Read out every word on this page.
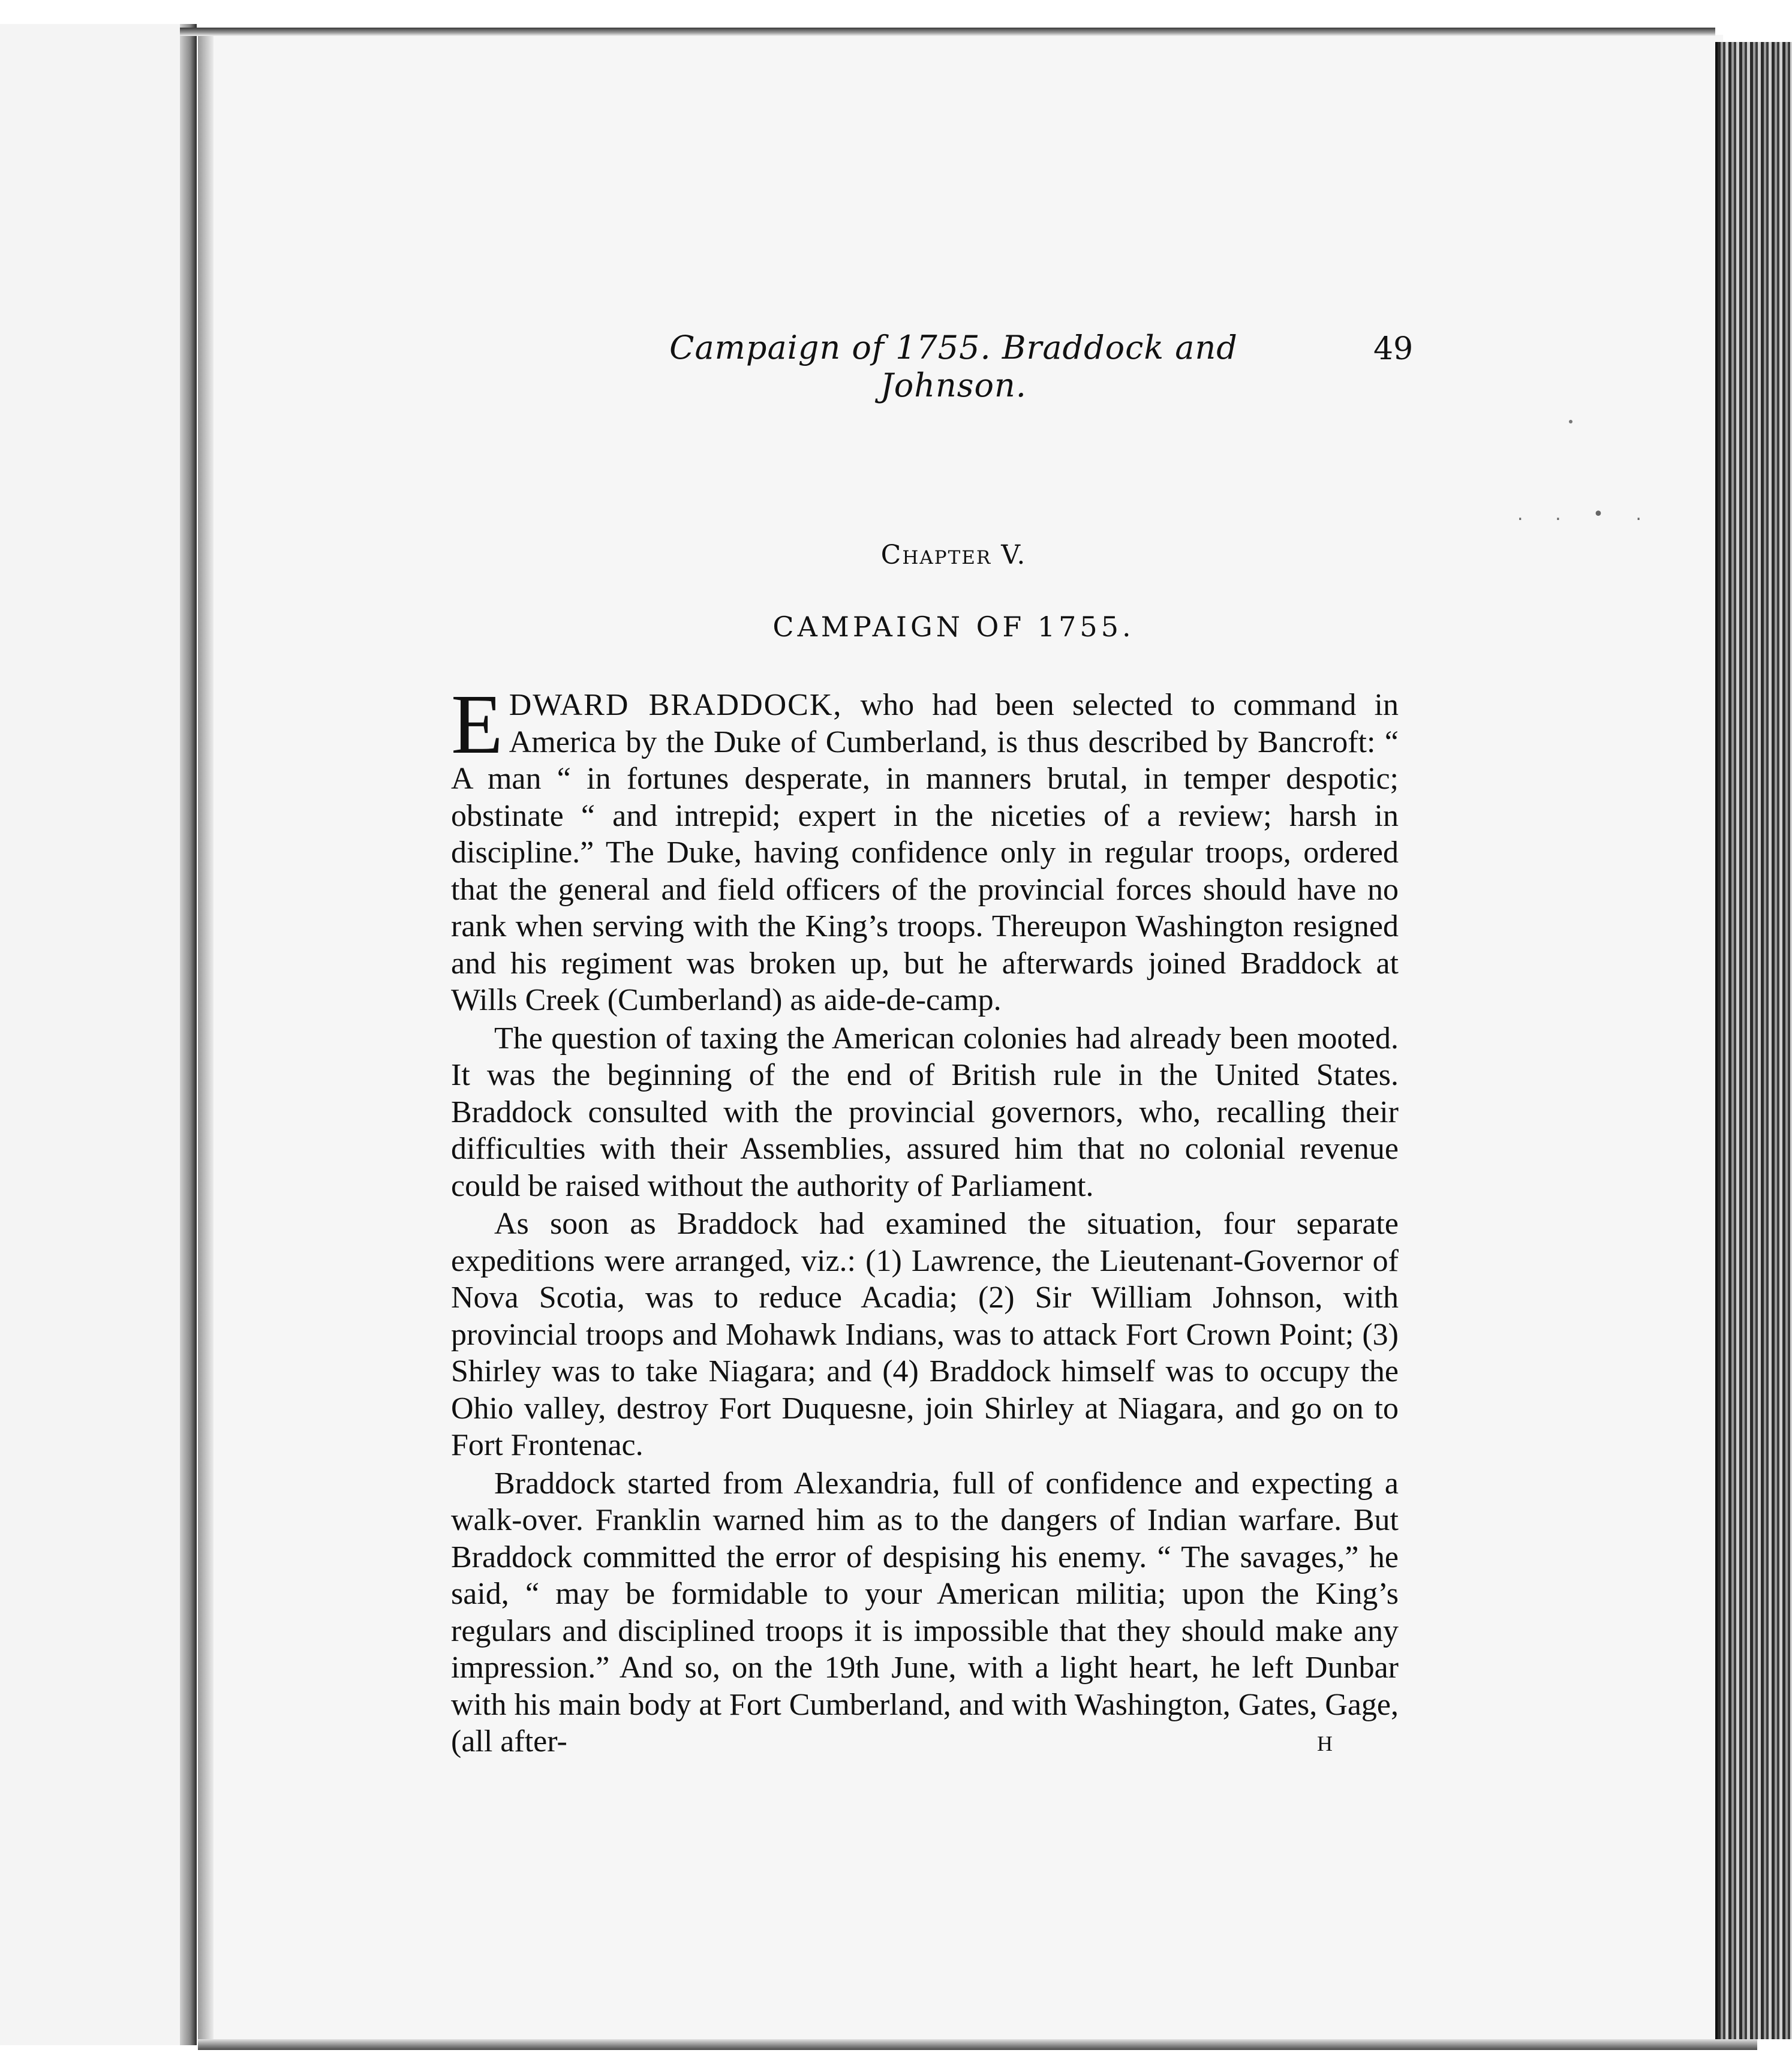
. . • .
Campaign of 1755. Braddock and Johnson.
49
Chapter V.
CAMPAIGN OF 1755.

EDWARD BRADDOCK, who had been selected to command in America by the Duke of Cumberland, is thus described by Bancroft: “ A man “ in fortunes desperate, in manners brutal, in temper despotic; obstinate “ and intrepid; expert in the niceties of a review; harsh in discipline.” The Duke, having confidence only in regular troops, ordered that the general and field officers of the provincial forces should have no rank when serving with the King’s troops. Thereupon Washington resigned and his regiment was broken up, but he afterwards joined Braddock at Wills Creek (Cumberland) as aide-de-camp.

The question of taxing the American colonies had already been mooted. It was the beginning of the end of British rule in the United States. Braddock consulted with the provincial governors, who, recalling their difficulties with their Assemblies, assured him that no colonial revenue could be raised without the authority of Parliament.

As soon as Braddock had examined the situation, four separate expeditions were arranged, viz.: (1) Lawrence, the Lieutenant-Governor of Nova Scotia, was to reduce Acadia; (2) Sir William Johnson, with provincial troops and Mohawk Indians, was to attack Fort Crown Point; (3) Shirley was to take Niagara; and (4) Braddock himself was to occupy the Ohio valley, destroy Fort Duquesne, join Shirley at Niagara, and go on to Fort Frontenac.

Braddock started from Alexandria, full of confidence and expecting a walk-over. Franklin warned him as to the dangers of Indian warfare. But Braddock committed the error of despising his enemy. “ The savages,” he said, “ may be formidable to your American militia; upon the King’s regulars and disciplined troops it is impossible that they should make any impression.” And so, on the 19th June, with a light heart, he left Dunbar with his main body at Fort Cumberland, and with Washington, Gates, Gage, (all after-	H
